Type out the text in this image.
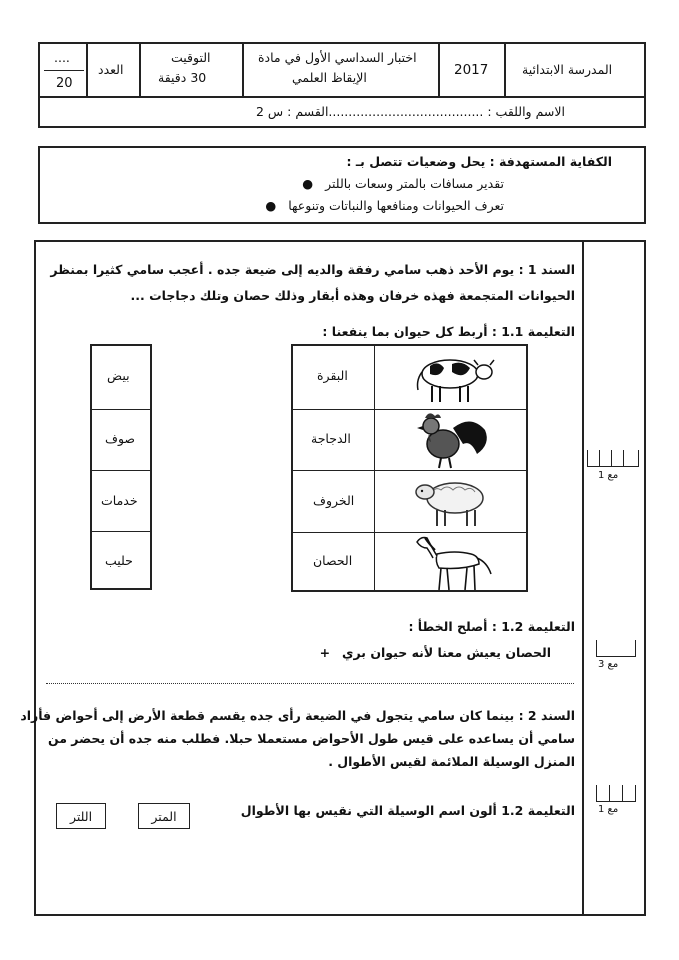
....
20
العدد
التوقيت
30 دقيقة
اختبار السداسي الأول في مادة
الإيقاظ العلمي	2017	المدرسة الابتدائية
الاسم واللقب : .......................................القسم : س 2
الكفاية المستهدفة : يحل وضعيات تتصل بـ :
تقدير مسافات بالمتر وسعات باللتر●
تعرف الحيوانات ومنافعها والنباتات وتنوعها●
السند 1 : يوم الأحد ذهب سامي رفقة والديه إلى ضيعة جده . أعجب سامي كثيرا بمنظر
الحيوانات المتجمعة فهذه خرفان وهذه أبقار وذلك حصان وتلك دجاجات ...
التعليمة 1.1 : أربط كل حيوان بما ينفعنا :
البقرة
الدجاجة
الخروف
الحصان
بيض
صوف
خدمات
حليب
التعليمة 1.2 : أصلح الخطأ :
الحصان يعيش معنا لأنه حيوان بري+
السند 2 : بينما كان سامي يتجول في الضيعة رأى جده يقسم قطعة الأرض إلى أحواض فأراد
سامي أن يساعده على قيس طول الأحواض مستعملا حبلا. فطلب منه جده أن يحضر من
المنزل الوسيلة الملائمة لقيس الأطوال .
التعليمة 1.2 ألون اسم الوسيلة التي نقيس بها الأطوال
المتر
اللتر
مع 1
مع 3
مع 1
